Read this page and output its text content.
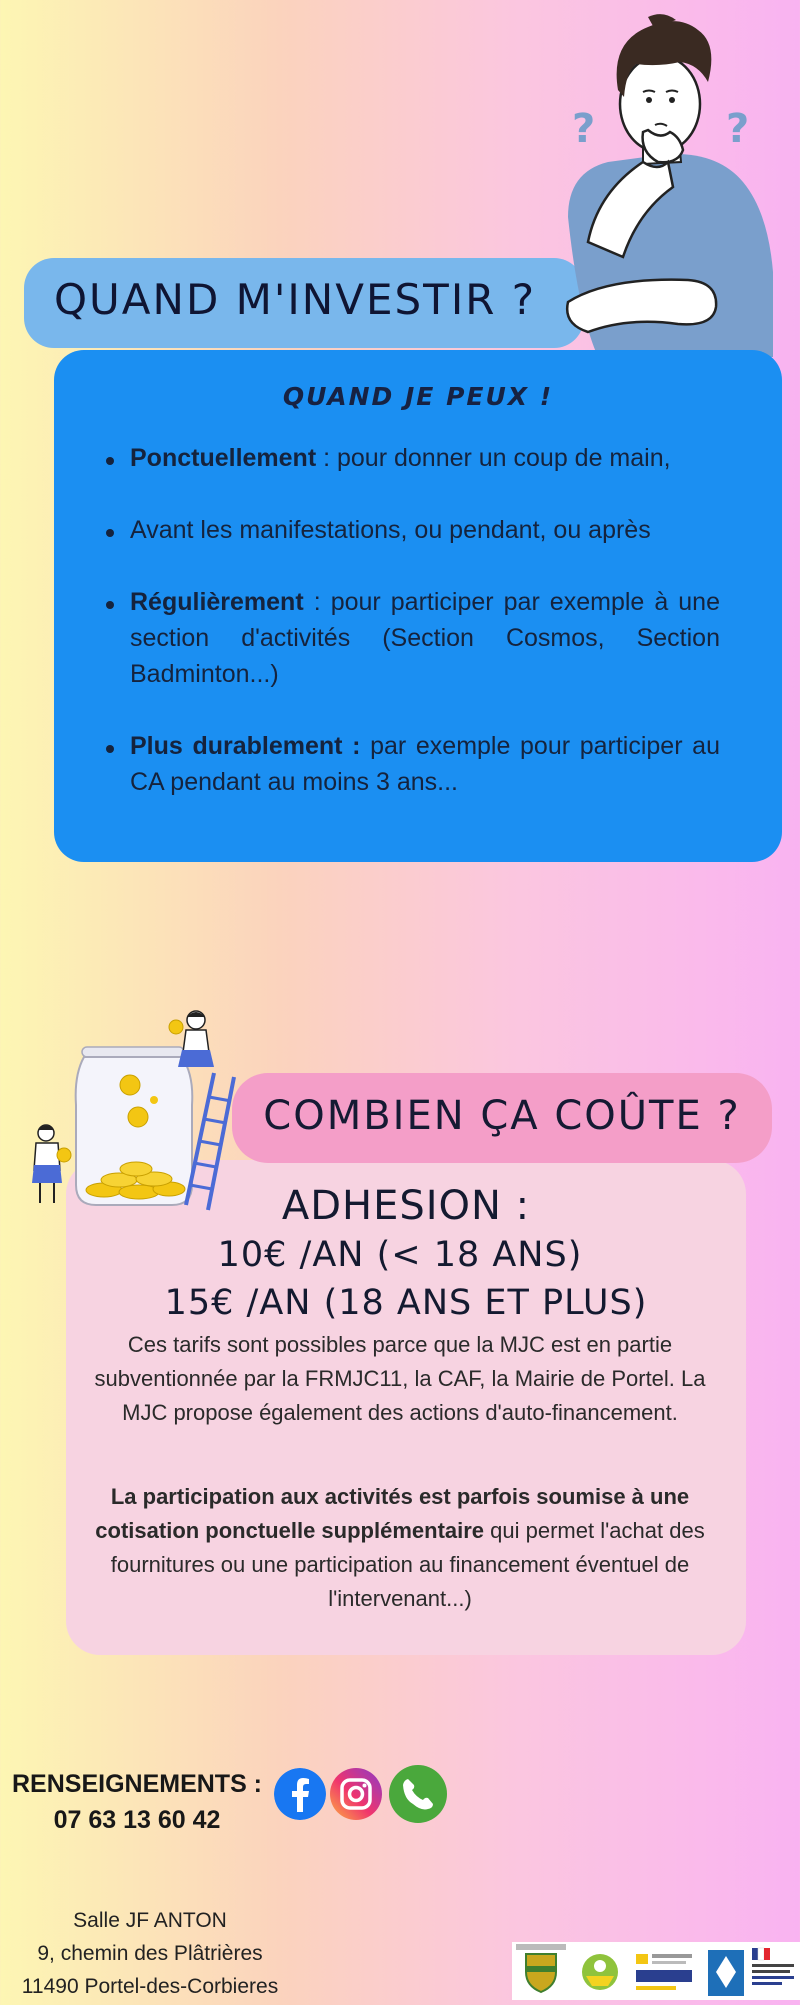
?	?
QUAND M'INVESTIR ?
QUAND JE PEUX !
Ponctuellement : pour donner un coup de main,
Avant les manifestations, ou pendant, ou après
Régulièrement : pour participer par exemple à une section d'activités (Section Cosmos, Section Badminton...)
Plus durablement : par exemple pour participer au CA pendant au moins 3 ans...
COMBIEN ÇA COÛTE ?
ADHESION :
10€ /AN (< 18 ANS)
15€ /AN (18 ANS ET PLUS)
Ces tarifs sont possibles parce que la MJC est en partie subventionnée par la FRMJC11, la CAF, la Mairie de Portel. La MJC propose également des actions d'auto-financement.
La participation aux activités est parfois soumise à une cotisation ponctuelle supplémentaire qui permet l'achat des fournitures ou une participation au financement éventuel de l'intervenant...)
RENSEIGNEMENTS :
07 63 13 60 42
Salle JF ANTON
9, chemin des Plâtrières
11490 Portel-des-Corbieres
